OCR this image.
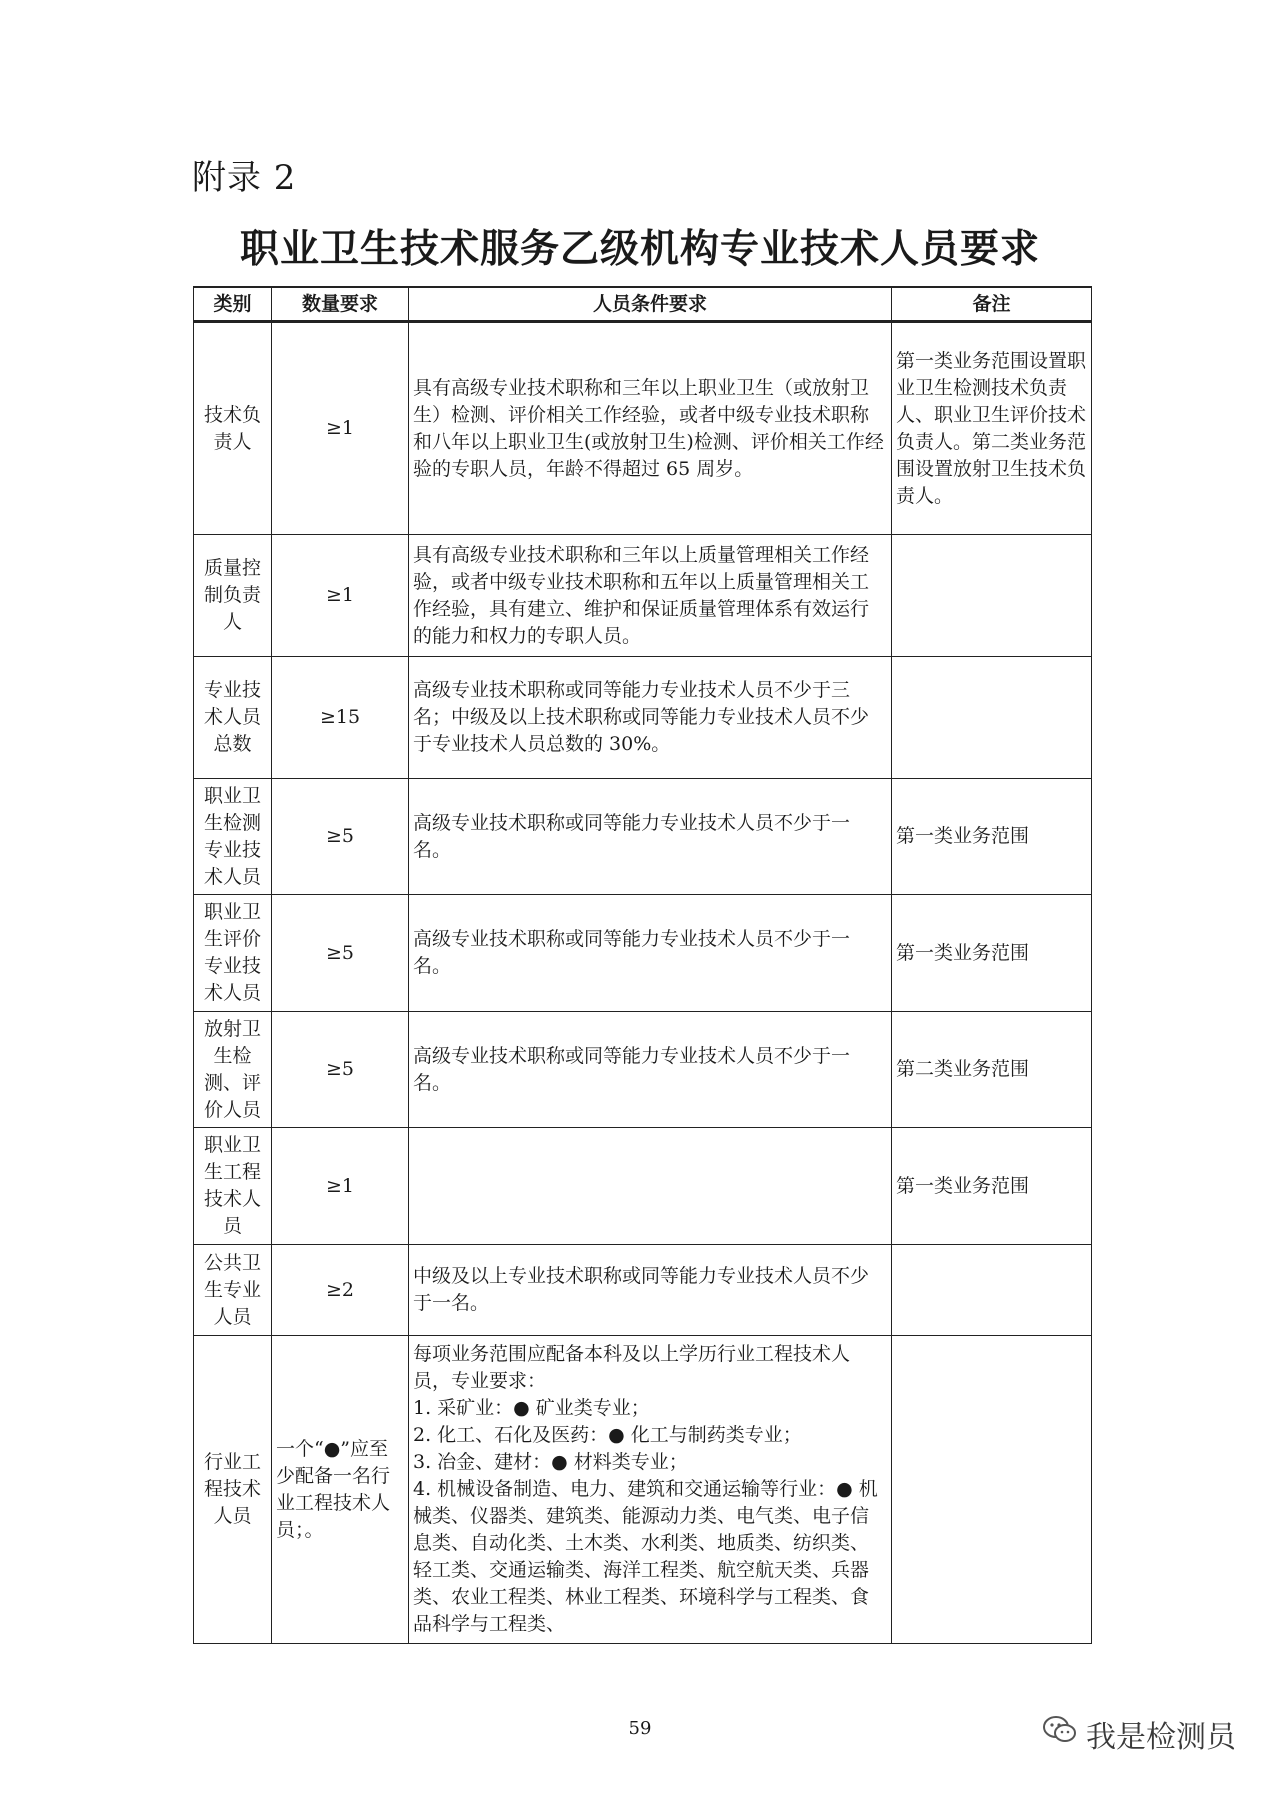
附录 2
职业卫生技术服务乙级机构专业技术人员要求
类别	数量要求	人员条件要求	备注
技术负责人	≥1	具有高级专业技术职称和三年以上职业卫生（或放射卫生）检测、评价相关工作经验，或者中级专业技术职称和八年以上职业卫生(或放射卫生)检测、评价相关工作经验的专职人员，年龄不得超过 65 周岁。	第一类业务范围设置职业卫生检测技术负责人、职业卫生评价技术负责人。第二类业务范围设置放射卫生技术负责人。
质量控制负责人	≥1	具有高级专业技术职称和三年以上质量管理相关工作经验，或者中级专业技术职称和五年以上质量管理相关工作经验，具有建立、维护和保证质量管理体系有效运行的能力和权力的专职人员。	
专业技术人员总数	≥15	高级专业技术职称或同等能力专业技术人员不少于三名；中级及以上技术职称或同等能力专业技术人员不少于专业技术人员总数的 30%。	
职业卫生检测专业技术人员	≥5	高级专业技术职称或同等能力专业技术人员不少于一名。	第一类业务范围
职业卫生评价专业技术人员	≥5	高级专业技术职称或同等能力专业技术人员不少于一名。	第一类业务范围
放射卫生检测、评价人员	≥5	高级专业技术职称或同等能力专业技术人员不少于一名。	第二类业务范围
职业卫生工程技术人员	≥1		第一类业务范围
公共卫生专业人员	≥2	中级及以上专业技术职称或同等能力专业技术人员不少于一名。	
行业工程技术人员	一个“●”应至少配备一名行业工程技术人员；。	每项业务范围应配备本科及以上学历行业工程技术人员，专业要求：
1. 采矿业：● 矿业类专业；
2. 化工、石化及医药：● 化工与制药类专业；
3. 冶金、建材：● 材料类专业；
4. 机械设备制造、电力、建筑和交通运输等行业：● 机械类、仪器类、建筑类、能源动力类、电气类、电子信息类、自动化类、土木类、水利类、地质类、纺织类、轻工类、交通运输类、海洋工程类、航空航天类、兵器类、农业工程类、林业工程类、环境科学与工程类、食品科学与工程类、	

59	我是检测员
